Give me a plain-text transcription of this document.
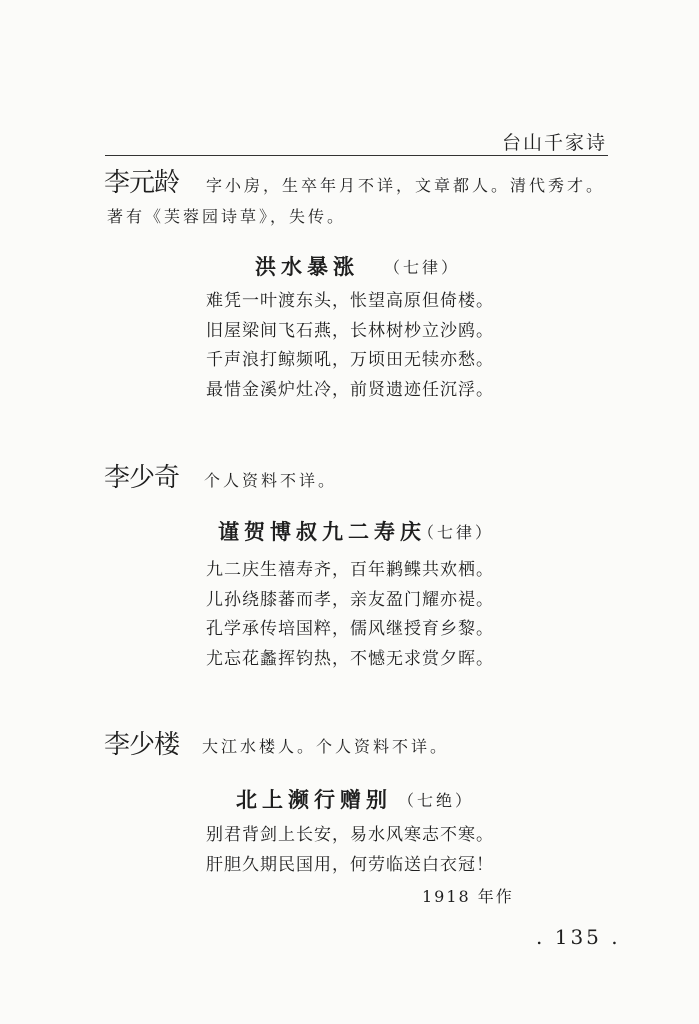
台山千家诗
李元龄 字小房，生卒年月不详，文章都人。清代秀才。
著有《芙蓉园诗草》，失传。
洪水暴涨 （七律）
难凭一叶渡东头，怅望高原但倚楼。
旧屋梁间飞石燕，长林树杪立沙鸥。
千声浪打鲸频吼，万顷田无犊亦愁。
最惜金溪炉灶冷，前贤遗迹任沉浮。
李少奇 个人资料不详。
谨贺博叔九二寿庆
（七律）
九二庆生禧寿齐，百年鹣鲽共欢栖。
儿孙绕膝蕃而孝，亲友盈门耀亦禔。
孔学承传培国粹，儒风继授育乡黎。
尤忘花蠡挥钧热，不憾无求赏夕晖。
李少楼 大江水楼人。个人资料不详。
北上濒行赠别 （七绝）
别君背剑上长安，易水风寒志不寒。
肝胆久期民国用，何劳临送白衣冠！
1918 年作
. 135 .
